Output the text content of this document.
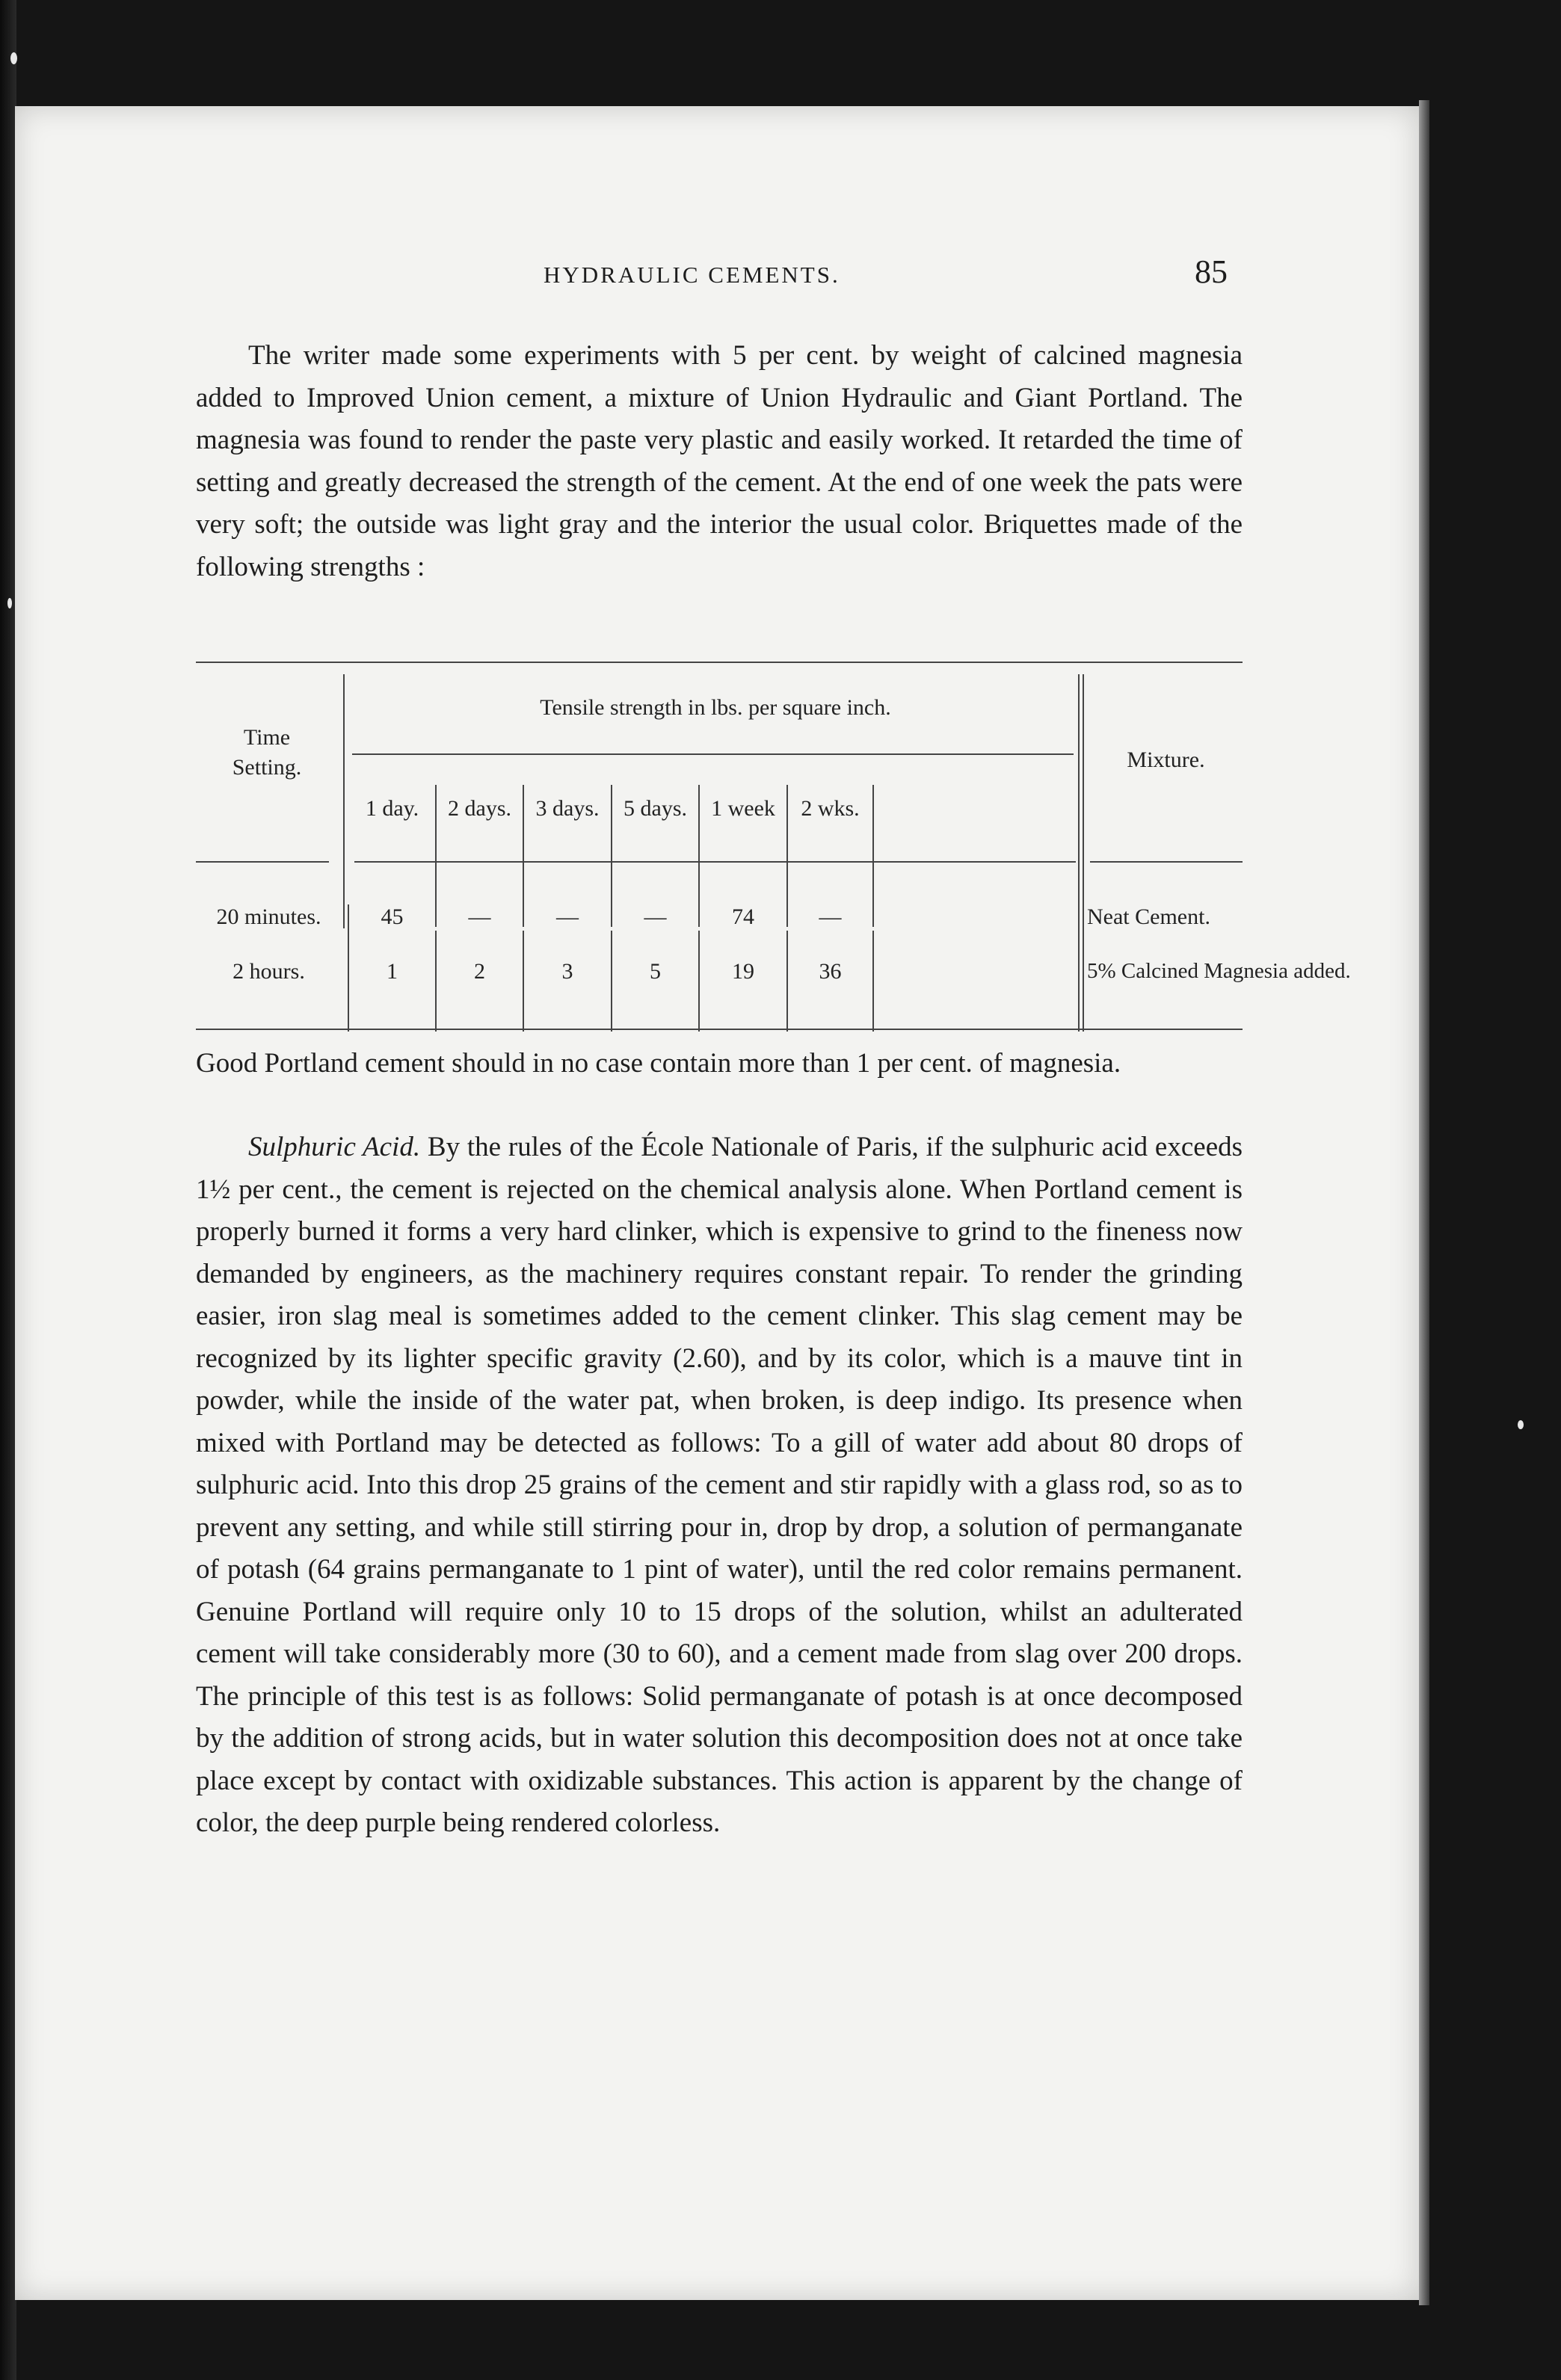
HYDRAULIC CEMENTS.	85

The writer made some experiments with 5 per cent. by weight of calcined magnesia added to Improved Union cement, a mixture of Union Hydraulic and Giant Portland. The magnesia was found to render the paste very plastic and easily worked. It retarded the time of setting and greatly decreased the strength of the cement. At the end of one week the pats were very soft; the outside was light gray and the interior the usual color. Briquettes made of the following strengths :

Time
Setting.
Tensile strength in lbs. per square inch.
Mixture.
1 day.	2 days.	3 days.	5 days.	1 week	2 wks.
20 minutes.	45	—	—	—	74	—	Neat Cement.
2 hours.	1	2	3	5	19	36	5% Calcined Magnesia added.

Good Portland cement should in no case contain more than 1 per cent. of magnesia.

Sulphuric Acid. By the rules of the École Nationale of Paris, if the sulphuric acid exceeds 1½ per cent., the cement is rejected on the chemical analysis alone. When Portland cement is properly burned it forms a very hard clinker, which is expensive to grind to the fineness now demanded by engineers, as the machinery requires constant repair. To render the grinding easier, iron slag meal is sometimes added to the cement clinker. This slag cement may be recognized by its lighter specific gravity (2.60), and by its color, which is a mauve tint in powder, while the inside of the water pat, when broken, is deep indigo. Its presence when mixed with Portland may be detected as follows: To a gill of water add about 80 drops of sulphuric acid. Into this drop 25 grains of the cement and stir rapidly with a glass rod, so as to prevent any setting, and while still stirring pour in, drop by drop, a solution of permanganate of potash (64 grains permanganate to 1 pint of water), until the red color remains permanent. Genuine Portland will require only 10 to 15 drops of the solution, whilst an adulterated cement will take considerably more (30 to 60), and a cement made from slag over 200 drops. The principle of this test is as follows: Solid permanganate of potash is at once decomposed by the addition of strong acids, but in water solution this decomposition does not at once take place except by contact with oxidizable substances. This action is apparent by the change of color, the deep purple being rendered colorless.
